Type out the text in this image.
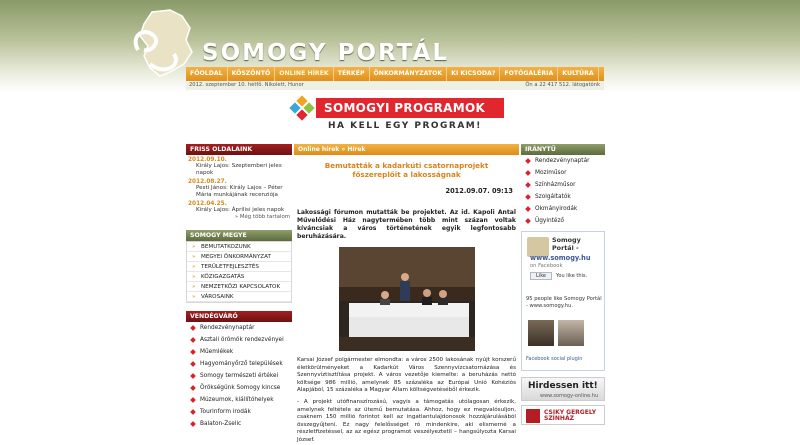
SOMOGY PORTÁL
FŐOLDAL	KÖSZÖNTŐ	ONLINE HÍREK	TÉRKÉP	ÖNKORMÁNYZATOK	KI KICSODA?	FOTÓGALÉRIA	KULTÚRA
2012. szeptember 10. hétfő. Nikolett, Hunor	Ön a 22 417 512. látogatónk
SOMOGYI PROGRAMOK
HA KELL EGY PROGRAM!
FRISS OLDALAINK
2012.09.10.
Király Lajos: Szeptemberi jeles napok
2012.08.27.
Pesti János: Király Lajos – Péter Mária munkájának recenziója
2012.04.25.
Király Lajos: Áprilisi jeles napok
» Még több tartalom
SOMOGY MEGYE
» BEMUTATKOZUNK
» MEGYEI ÖNKORMÁNYZAT
» TERÜLETFEJLESZTÉS
» KÖZIGAZGATÁS
» NEMZETKÖZI KAPCSOLATOK
» VÁROSAINK
VENDÉGVÁRÓ
Rendezvénynaptár
Asztali örömök rendezvényei
Műemlékek
Hagyományőrző települések
Somogy természeti értékei
Örökségünk Somogy kincse
Múzeumok, kiállítóhelyek
Tourinform irodák
Balaton-Zselic
Online hírek » Hírek
Bemutatták a kadarkúti csatornaprojekt főszereplőit a lakosságnak
2012.09.07. 09:13
Lakossági fórumon mutatták be projektet. Az id. Kapoli Antal Művelődési Ház nagytermében több mint százan voltak kíváncsiak a város történetének egyik legfontosabb beruházására.
Karsai József polgármester elmondta: a város 2500 lakosának nyújt korszerű életkörülményeket a Kadarkút Város Szennyvízcsatornázása és Szennyvíztisztítása projekt. A város vezetője kiemelte: a beruházás nettó költsége 986 millió, amelynek 85 százaléka az Európai Unió Kohéziós Alapjából, 15 százaléka a Magyar Állam költségvetéséből érkezik.
- A projekt utófinanszírozású, vagyis a támogatás utólagosan érkezik, amelynek feltétele az ütemű bemutatása. Ahhoz, hogy ez megvalósuljon, csaknem 150 millió forintot kell az ingatlantulajdonosok hozzájárulásából összegyűjteni. Ez nagy felelősséget ró mindenkire, aki elismerné a részletfizetéssel, az az egész programot veszélyeztetil – hangsúlyozta Karsai József.
IRÁNYTŰ
Rendezvénynaptár
Moziműsor
Színházműsor
Szolgáltatók
Okmányirodák
Ügyintéző
Somogy Portál -
www.somogy.hu
on Facebook
Like	You like this.
95 people like Somogy Portál - www.somogy.hu.
Facebook social plugin
Hirdessen itt!
www.somogy-online.hu
CSIKY GERGELY SZÍNHÁZ
